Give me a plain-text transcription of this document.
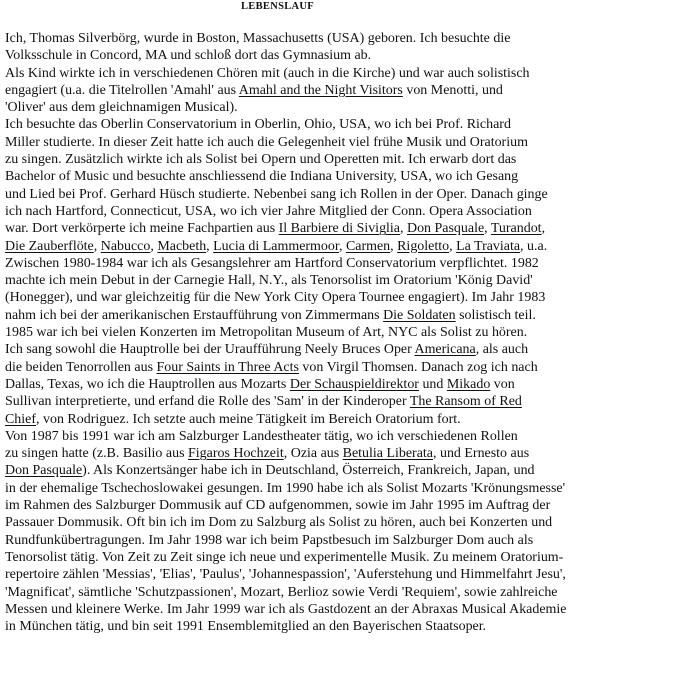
LEBENSLAUF
Ich, Thomas Silverbörg, wurde in Boston, Massachusetts (USA) geboren. Ich besuchte die
Volksschule in Concord, MA und schloß dort das Gymnasium ab.
Als Kind wirkte ich in verschiedenen Chören mit (auch in die Kirche) und war auch solistisch
engagiert (u.a. die Titelrollen 'Amahl' aus Amahl and the Night Visitors von Menotti, und
'Oliver' aus dem gleichnamigen Musical).
Ich besuchte das Oberlin Conservatorium in Oberlin, Ohio, USA, wo ich bei Prof. Richard
Miller studierte. In dieser Zeit hatte ich auch die Gelegenheit viel frühe Musik und Oratorium
zu singen. Zusätzlich wirkte ich als Solist bei Opern und Operetten mit. Ich erwarb dort das
Bachelor of Music und besuchte anschliessend die Indiana University, USA, wo ich Gesang
und Lied bei Prof. Gerhard Hüsch studierte. Nebenbei sang ich Rollen in der Oper. Danach ginge
ich nach Hartford, Connecticut, USA, wo ich vier Jahre Mitglied der Conn. Opera Association
war. Dort verkörperte ich meine Fachpartien aus Il Barbiere di Siviglia, Don Pasquale, Turandot,
Die Zauberflöte, Nabucco, Macbeth, Lucia di Lammermoor, Carmen, Rigoletto, La Traviata, u.a.
Zwischen 1980-1984 war ich als Gesangslehrer am Hartford Conservatorium verpflichtet. 1982
machte ich mein Debut in der Carnegie Hall, N.Y., als Tenorsolist im Oratorium 'König David'
(Honegger), und war gleichzeitig für die New York City Opera Tournee engagiert). Im Jahr 1983
nahm ich bei der amerikanischen Erstaufführung von Zimmermans Die Soldaten solistisch teil.
1985 war ich bei vielen Konzerten im Metropolitan Museum of Art, NYC als Solist zu hören.
Ich sang sowohl die Hauptrolle bei der Uraufführung Neely Bruces Oper Americana, als auch
die beiden Tenorrollen aus Four Saints in Three Acts von Virgil Thomsen. Danach zog ich nach
Dallas, Texas, wo ich die Hauptrollen aus Mozarts Der Schauspieldirektor und Mikado von
Sullivan interpretierte, und erfand die Rolle des 'Sam' in der Kinderoper The Ransom of Red
Chief, von Rodriguez. Ich setzte auch meine Tätigkeit im Bereich Oratorium fort.
Von 1987 bis 1991 war ich am Salzburger Landestheater tätig, wo ich verschiedenen Rollen
zu singen hatte (z.B. Basilio aus Figaros Hochzeit, Ozia aus Betulia Liberata, und Ernesto aus
Don Pasquale). Als Konzertsänger habe ich in Deutschland, Österreich, Frankreich, Japan, und
in der ehemalige Tschechoslowakei gesungen. Im 1990 habe ich als Solist Mozarts 'Krönungsmesse'
im Rahmen des Salzburger Dommusik auf CD aufgenommen, sowie im Jahr 1995 im Auftrag der
Passauer Dommusik. Oft bin ich im Dom zu Salzburg als Solist zu hören, auch bei Konzerten und
Rundfunkübertragungen. Im Jahr 1998 war ich beim Papstbesuch im Salzburger Dom auch als
Tenorsolist tätig. Von Zeit zu Zeit singe ich neue und experimentelle Musik. Zu meinem Oratorium-
repertoire zählen 'Messias', 'Elias', 'Paulus', 'Johannespassion', 'Auferstehung und Himmelfahrt Jesu',
'Magnificat', sämtliche 'Schutzpassionen', Mozart, Berlioz sowie Verdi 'Requiem', sowie zahlreiche
Messen und kleinere Werke. Im Jahr 1999 war ich als Gastdozent an der Abraxas Musical Akademie
in München tätig, und bin seit 1991 Ensemblemitglied an den Bayerischen Staatsoper.
